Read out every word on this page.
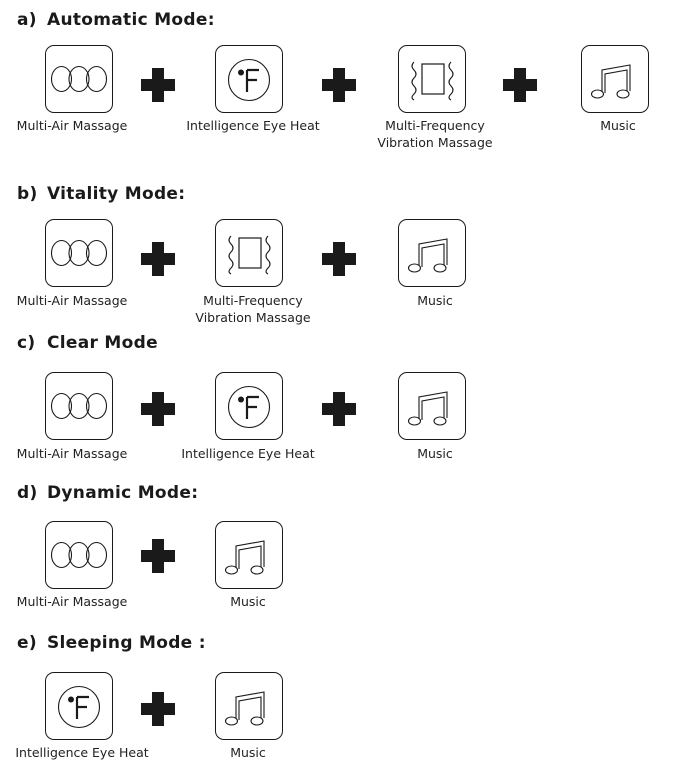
a) Automatic Mode:
Multi-Air Massage	Intelligence Eye Heat	Multi-Frequency
Vibration Massage
Music
b) Vitality Mode:
Multi-Air Massage	Multi-Frequency
Vibration Massage
Music
c) Clear Mode
Multi-Air Massage	Intelligence Eye Heat	Music
d) Dynamic Mode:
Multi-Air Massage	Music
e) Sleeping Mode :
Intelligence Eye Heat	Music
